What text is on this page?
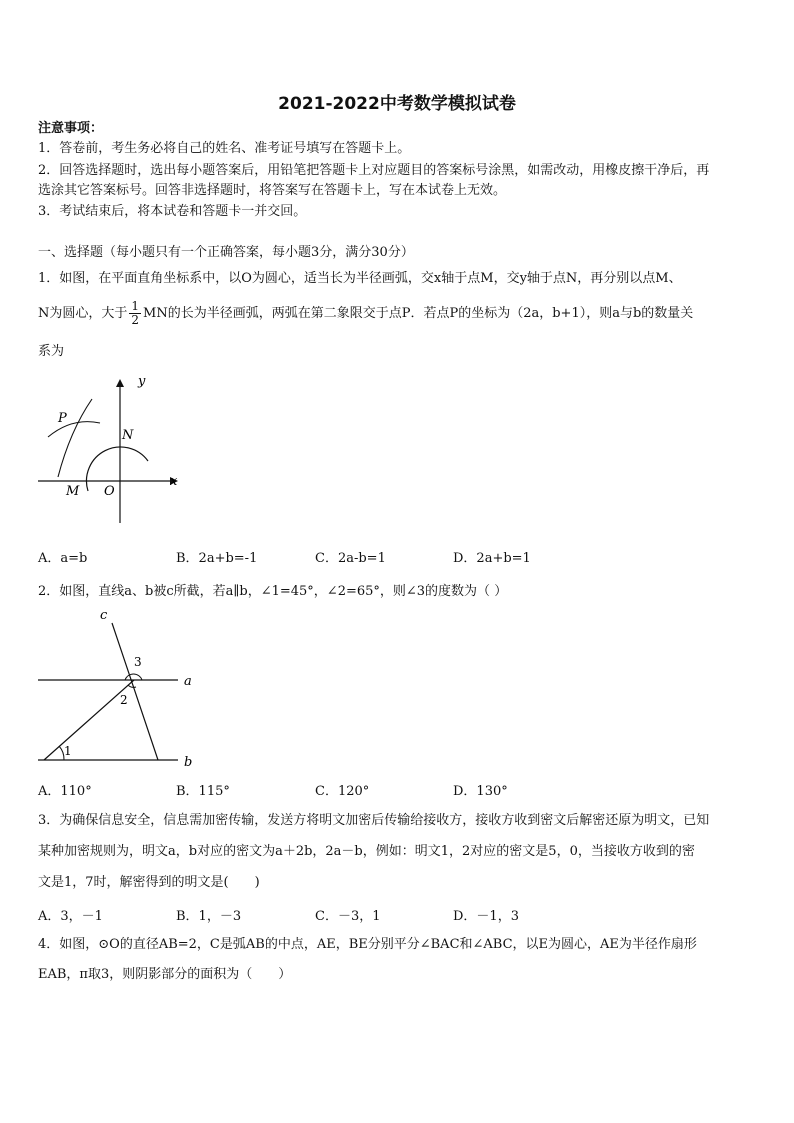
2021-2022中考数学模拟试卷
注意事项：
1．答卷前，考生务必将自己的姓名、准考证号填写在答题卡上。
2．回答选择题时，选出每小题答案后，用铅笔把答题卡上对应题目的答案标号涂黑，如需改动，用橡皮擦干净后，再
选涂其它答案标号。回答非选择题时，将答案写在答题卡上，写在本试卷上无效。
3．考试结束后，将本试卷和答题卡一并交回。
一、选择题（每小题只有一个正确答案，每小题3分，满分30分）
1．如图，在平面直角坐标系中，以O为圆心，适当长为半径画弧，交x轴于点M，交y轴于点N，再分别以点M、
N为圆心，大于 $\frac{1}{2}$ MN的长为半径画弧，两弧在第二象限交于点P．若点P的坐标为（2a，b+1），则a与b的数量关
系为
y
x
P
N
M O
A．a=b	B．2a+b=-1	C．2a-b=1	D．2a+b=1
2．如图，直线a、b被c所截，若a∥b，∠1=45°，∠2=65°，则∠3的度数为（ ）
c
a
b
1
2
3
A．110°	B．115°	C．120°	D．130°
3．为确保信息安全，信息需加密传输，发送方将明文加密后传输给接收方，接收方收到密文后解密还原为明文，已知
某种加密规则为，明文a，b对应的密文为a＋2b，2a－b，例如：明文1，2对应的密文是5，0，当接收方收到的密
文是1，7时，解密得到的明文是(　　)
A．3，－1	B．1，－3	C．－3，1	D．－1，3
4．如图，⊙O的直径AB=2，C是弧AB的中点，AE，BE分别平分∠BAC和∠ABC，以E为圆心，AE为半径作扇形
EAB，π取3，则阴影部分的面积为（　　）
